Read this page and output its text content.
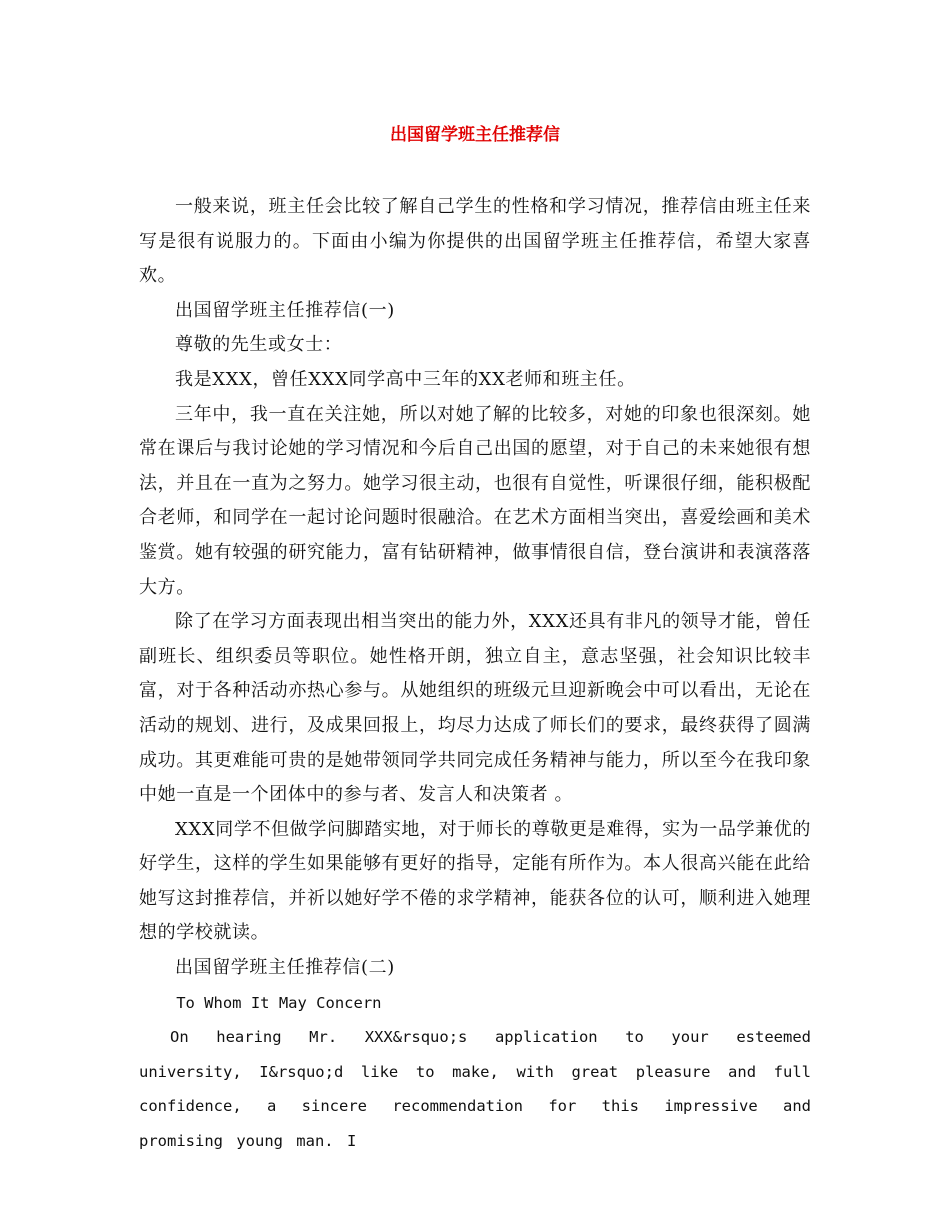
出国留学班主任推荐信

一般来说，班主任会比较了解自己学生的性格和学习情况，推荐信由班主任来写是很有说服力的。下面由小编为你提供的出国留学班主任推荐信，希望大家喜欢。

出国留学班主任推荐信(一)

尊敬的先生或女士：

我是XXX，曾任XXX同学高中三年的XX老师和班主任。

三年中，我一直在关注她，所以对她了解的比较多，对她的印象也很深刻。她常在课后与我讨论她的学习情况和今后自己出国的愿望，对于自己的未来她很有想法，并且在一直为之努力。她学习很主动，也很有自觉性，听课很仔细，能积极配合老师，和同学在一起讨论问题时很融洽。在艺术方面相当突出，喜爱绘画和美术鉴赏。她有较强的研究能力，富有钻研精神，做事情很自信，登台演讲和表演落落大方。

除了在学习方面表现出相当突出的能力外，XXX还具有非凡的领导才能，曾任副班长、组织委员等职位。她性格开朗，独立自主，意志坚强，社会知识比较丰富，对于各种活动亦热心参与。从她组织的班级元旦迎新晚会中可以看出，无论在活动的规划、进行，及成果回报上，均尽力达成了师长们的要求，最终获得了圆满成功。其更难能可贵的是她带领同学共同完成任务精神与能力，所以至今在我印象中她一直是一个团体中的参与者、发言人和决策者 。

XXX同学不但做学问脚踏实地，对于师长的尊敬更是难得，实为一品学兼优的好学生，这样的学生如果能够有更好的指导，定能有所作为。本人很高兴能在此给她写这封推荐信，并祈以她好学不倦的求学精神，能获各位的认可，顺利进入她理想的学校就读。

出国留学班主任推荐信(二)

To Whom It May Concern

On hearing Mr. XXX&rsquo;s application to your esteemed university, I&rsquo;d like to make, with great pleasure and full confidence, a sincere recommendation for this impressive and promising young man. I
